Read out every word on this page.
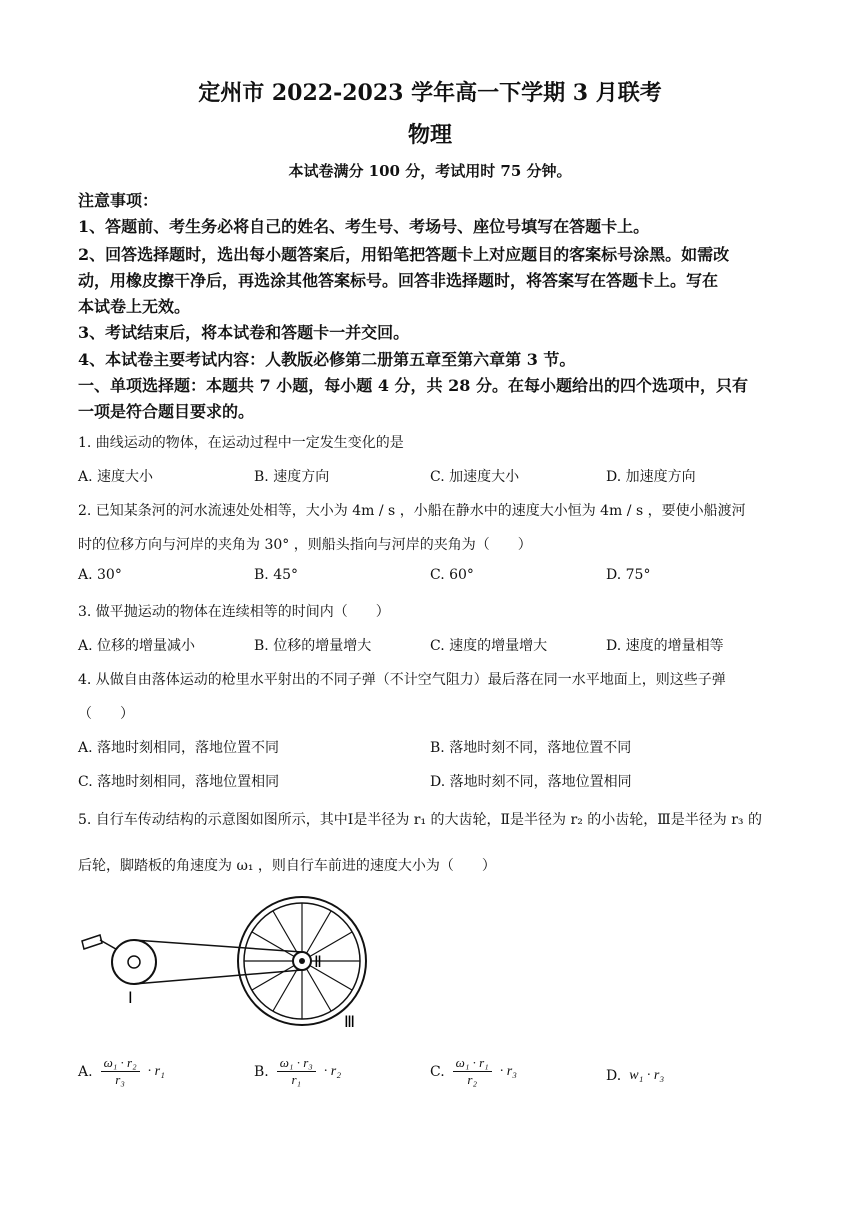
定州市 2022-2023 学年高一下学期 3 月联考
物理
本试卷满分 100 分，考试用时 75 分钟。
注意事项：
1、答题前、考生务必将自己的姓名、考生号、考场号、座位号填写在答题卡上。
2、回答选择题时，选出每小题答案后，用铅笔把答题卡上对应题目的客案标号涂黑。如需改
动，用橡皮擦干净后，再选涂其他答案标号。回答非选择题时，将答案写在答题卡上。写在
本试卷上无效。
3、考试结束后，将本试卷和答题卡一并交回。
4、本试卷主要考试内容：人教版必修第二册第五章至第六章第 3 节。
一、单项选择题：本题共 7 小题，每小题 4 分，共 28 分。在每小题给出的四个选项中，只有
一项是符合题目要求的。
1. 曲线运动的物体，在运动过程中一定发生变化的是
A. 速度大小	B. 速度方向	C. 加速度大小	D. 加速度方向
2. 已知某条河的河水流速处处相等，大小为 4m / s ，小船在静水中的速度大小恒为 4m / s ，要使小船渡河
时的位移方向与河岸的夹角为 30° ，则船头指向与河岸的夹角为（　　）
A. 30°	B. 45°	C. 60°	D. 75°
3. 做平抛运动的物体在连续相等的时间内（　　）
A. 位移的增量减小	B. 位移的增量增大	C. 速度的增量增大	D. 速度的增量相等
4. 从做自由落体运动的枪里水平射出的不同子弹（不计空气阻力）最后落在同一水平地面上，则这些子弹
（　　）
A. 落地时刻相同，落地位置不同	B. 落地时刻不同，落地位置不同
C. 落地时刻相同，落地位置相同	D. 落地时刻不同，落地位置相同
5. 自行车传动结构的示意图如图所示，其中Ⅰ是半径为 r₁ 的大齿轮，Ⅱ是半径为 r₂ 的小齿轮，Ⅲ是半径为 r₃ 的
后轮，脚踏板的角速度为 ω₁ ，则自行车前进的速度大小为（　　）
Ⅰ
Ⅱ
Ⅲ
A. $\frac{\text{ω₁ · r₂}}{\text{r₃}} \cdot r_1$	B. $\frac{\text{ω₁ · r₃}}{\text{r₁}} \cdot r_2$	C. $\frac{\text{ω₁ · r₁}}{\text{r₂}} \cdot r_3$	D. w₁ · r₃
